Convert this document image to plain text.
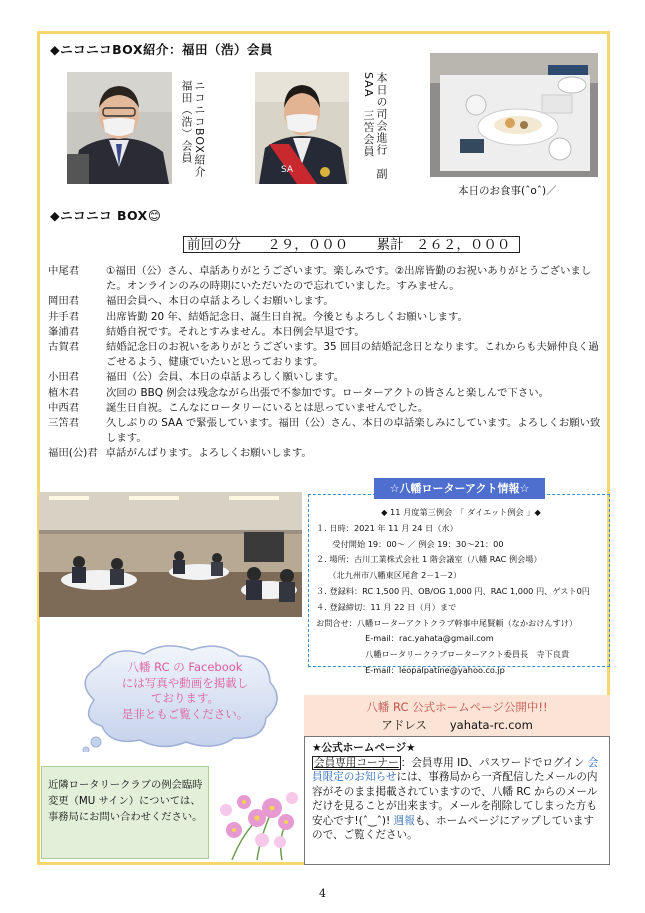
◆ニコニコBOX紹介：福田（浩）会員
ニコニコBOX紹介　福田（浩）会員
SA	本日の司会進行　副SAA　三笘会員
本日のお食事(ˆoˆ)／
◆ニコニコ BOX😊
前回の分 ２９，０００ 累計 ２６２，０００
中尾君	①福田（公）さん、卓話ありがとうございます。楽しみです。②出席皆勤のお祝いありがとうございました。オンラインのみの時期にいただいたので忘れていました。すみません。
岡田君	福田会員へ、本日の卓話よろしくお願いします。
井手君	出席皆勤 20 年、結婚記念日、誕生日自祝。今後ともよろしくお願いします。
峯浦君	結婚自祝です。それとすみません。本日例会早退です。
古賀君	結婚記念日のお祝いをありがとうございます。35 回目の結婚記念日となります。これからも夫婦仲良く過ごせるよう、健康でいたいと思っております。
小田君	福田（公）会員、本日の卓話よろしく願いします。
植木君	次回の BBQ 例会は残念ながら出張で不参加です。ローターアクトの皆さんと楽しんで下さい。
中西君	誕生日自祝。こんなにロータリーにいるとは思っていませんでした。
三笘君	久しぶりの SAA で緊張しています。福田（公）さん、本日の卓話楽しみにしています。よろしくお願い致します。
福田(公)君 卓話がんばります。よろしくお願いします。
☆八幡ローターアクト情報☆
◆ 11 月度第三例会　「 ダイエット例会 」◆
１. 日時：2021 年 11 月 24 日（水）
　　受付開始 19：00～ ／ 例会 19：30～21：00
２. 場所：古川工業株式会社 1 階会議室（八幡 RAC 例会場）
　　（北九州市八幡東区尾倉 2－1－2）
３. 登録料：RC 1,500 円、OB/OG 1,000 円、RAC 1,000 円、ゲスト0円
４. 登録締切：11 月 22 日（月）まで
お問合せ：八幡ローターアクトクラブ幹事中尾賢頼（なかおけんすけ）
　　　　　　E-mail：rac.yahata@gmail.com
　　　　　　八幡ロータリークラブローターアクト委員長　寺下良貴
　　　　　　E-mail：leopalpatine@yahoo.co.jp
八幡 RC の Facebook
には写真や動画を掲載し
ております。
是非ともご覧ください。	八幡 RC 公式ホームページ公開中!!
アドレス　　yahata-rc.com
★公式ホームページ★
会員専用コーナー ：会員専用 ID、パスワードでログイン 会員限定のお知らせには、事務局から一斉配信したメールの内容がそのまま掲載されていますので、八幡 RC からのメールだけを見ることが出来ます。メールを削除してしまった方も安心です!(ˆ‿ˆ)! 週報も、ホームページにアップしていますので、ご覧ください。
近隣ロータリークラブの例会臨時変更（MU サイン）については、事務局にお問い合わせください。
4
